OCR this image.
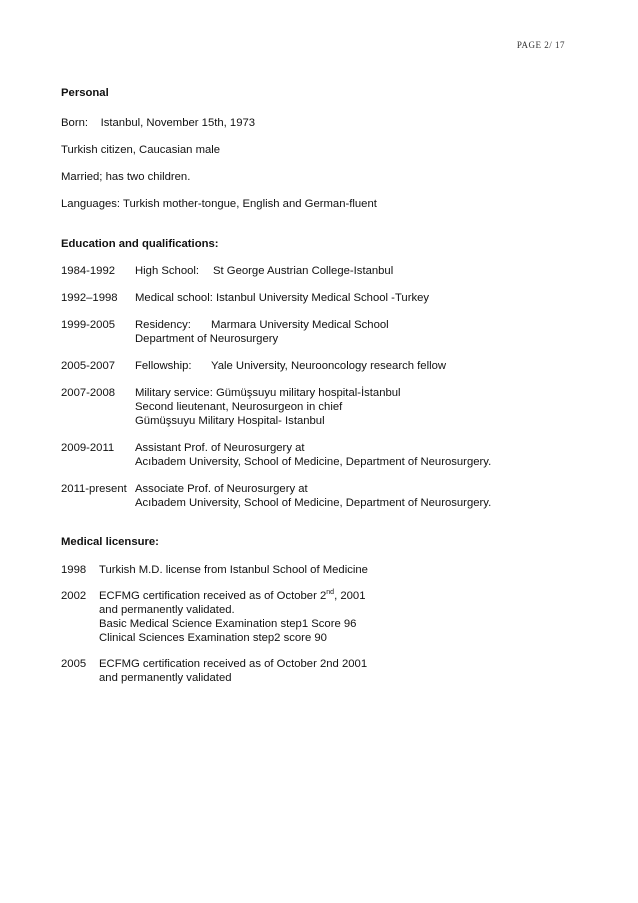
PAGE 2/ 17
Personal
Born: Istanbul, November 15th, 1973
Turkish citizen, Caucasian male
Married; has two children.
Languages: Turkish mother-tongue, English and German-fluent
Education and qualifications:
1984-1992 High School: St George Austrian College-Istanbul
1992–1998 Medical school: Istanbul University Medical School -Turkey
1999-2005 Residency: Marmara University Medical School
Department of Neurosurgery
2005-2007 Fellowship: Yale University, Neurooncology research fellow
2007-2008 Military service: Gümüşsuyu military hospital-İstanbul
Second lieutenant, Neurosurgeon in chief
Gümüşsuyu Military Hospital- Istanbul
2009-2011 Assistant Prof. of Neurosurgery at
Acıbadem University, School of Medicine, Department of Neurosurgery.
2011-present Associate Prof. of Neurosurgery at
Acıbadem University, School of Medicine, Department of Neurosurgery.
Medical licensure:
1998 Turkish M.D. license from Istanbul School of Medicine
2002 ECFMG certification received as of October 2nd, 2001
and permanently validated.
Basic Medical Science Examination step1 Score 96
Clinical Sciences Examination step2 score 90
2005 ECFMG certification received as of October 2nd 2001
and permanently validated
